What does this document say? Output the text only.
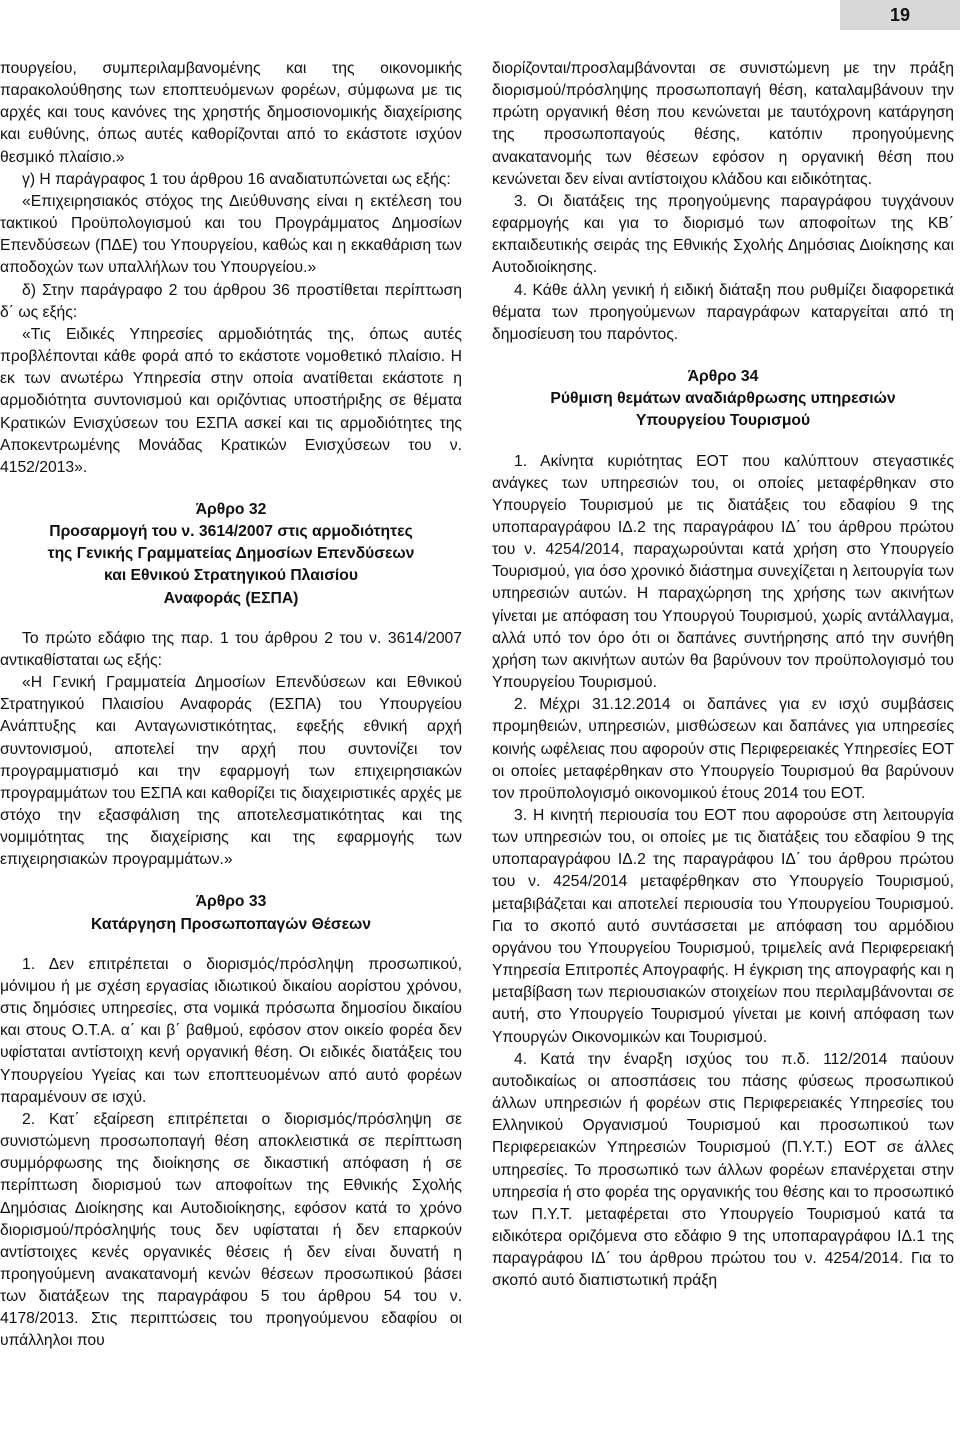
19

πουργείου, συμπεριλαμβανομένης και της οικονομικής παρακολούθησης των εποπτευόμενων φορέων, σύμφωνα με τις αρχές και τους κανόνες της χρηστής δημοσιονομικής διαχείρισης και ευθύνης, όπως αυτές καθορίζονται από το εκάστοτε ισχύον θεσμικό πλαίσιο.»

γ) Η παράγραφος 1 του άρθρου 16 αναδιατυπώνεται ως εξής:

«Επιχειρησιακός στόχος της Διεύθυνσης είναι η εκτέλεση του τακτικού Προϋπολογισμού και του Προγράμματος Δημοσίων Επενδύσεων (ΠΔΕ) του Υπουργείου, καθώς και η εκκαθάριση των αποδοχών των υπαλλήλων του Υπουργείου.»

δ) Στην παράγραφο 2 του άρθρου 36 προστίθεται περίπτωση δ΄ ως εξής:

«Τις Ειδικές Υπηρεσίες αρμοδιότητάς της, όπως αυτές προβλέπονται κάθε φορά από το εκάστοτε νομοθετικό πλαίσιο. Η εκ των ανωτέρω Υπηρεσία στην οποία ανατίθεται εκάστοτε η αρμοδιότητα συντονισμού και οριζόντιας υποστήριξης σε θέματα Κρατικών Ενισχύσεων του ΕΣΠΑ ασκεί και τις αρμοδιότητες της Αποκεντρωμένης Μονάδας Κρατικών Ενισχύσεων του ν. 4152/2013».

Άρθρο 32
Προσαρμογή του ν. 3614/2007 στις αρμοδιότητες
της Γενικής Γραμματείας Δημοσίων Επενδύσεων
και Εθνικού Στρατηγικού Πλαισίου
Αναφοράς (ΕΣΠΑ)

Το πρώτο εδάφιο της παρ. 1 του άρθρου 2 του ν. 3614/2007 αντικαθίσταται ως εξής:

«Η Γενική Γραμματεία Δημοσίων Επενδύσεων και Εθνικού Στρατηγικού Πλαισίου Αναφοράς (ΕΣΠΑ) του Υπουργείου Ανάπτυξης και Ανταγωνιστικότητας, εφεξής εθνική αρχή συντονισμού, αποτελεί την αρχή που συντονίζει τον προγραμματισμό και την εφαρμογή των επιχειρησιακών προγραμμάτων του ΕΣΠΑ και καθορίζει τις διαχειριστικές αρχές με στόχο την εξασφάλιση της αποτελεσματικότητας και της νομιμότητας της διαχείρισης και της εφαρμογής των επιχειρησιακών προγραμμάτων.»

Άρθρο 33
Κατάργηση Προσωποπαγών Θέσεων

1. Δεν επιτρέπεται ο διορισμός/πρόσληψη προσωπικού, μόνιμου ή με σχέση εργασίας ιδιωτικού δικαίου αορίστου χρόνου, στις δημόσιες υπηρεσίες, στα νομικά πρόσωπα δημοσίου δικαίου και στους Ο.Τ.Α. α΄ και β΄ βαθμού, εφόσον στον οικείο φορέα δεν υφίσταται αντίστοιχη κενή οργανική θέση. Οι ειδικές διατάξεις του Υπουργείου Υγείας και των εποπτευομένων από αυτό φορέων παραμένουν σε ισχύ.

2. Κατ΄ εξαίρεση επιτρέπεται ο διορισμός/πρόσληψη σε συνιστώμενη προσωποπαγή θέση αποκλειστικά σε περίπτωση συμμόρφωσης της διοίκησης σε δικαστική απόφαση ή σε περίπτωση διορισμού των αποφοίτων της Εθνικής Σχολής Δημόσιας Διοίκησης και Αυτοδιοίκησης, εφόσον κατά το χρόνο διορισμού/πρόσληψής τους δεν υφίσταται ή δεν επαρκούν αντίστοιχες κενές οργανικές θέσεις ή δεν είναι δυνατή η προηγούμενη ανακατανομή κενών θέσεων προσωπικού βάσει των διατάξεων της παραγράφου 5 του άρθρου 54 του ν. 4178/2013. Στις περιπτώσεις του προηγούμενου εδαφίου οι υπάλληλοι που

διορίζονται/προσλαμβάνονται σε συνιστώμενη με την πράξη διορισμού/πρόσληψης προσωποπαγή θέση, καταλαμβάνουν την πρώτη οργανική θέση που κενώνεται με ταυτόχρονη κατάργηση της προσωποπαγούς θέσης, κατόπιν προηγούμενης ανακατανομής των θέσεων εφόσον η οργανική θέση που κενώνεται δεν είναι αντίστοιχου κλάδου και ειδικότητας.

3. Οι διατάξεις της προηγούμενης παραγράφου τυγχάνουν εφαρμογής και για το διορισμό των αποφοίτων της ΚΒ΄ εκπαιδευτικής σειράς της Εθνικής Σχολής Δημόσιας Διοίκησης και Αυτοδιοίκησης.

4. Κάθε άλλη γενική ή ειδική διάταξη που ρυθμίζει διαφορετικά θέματα των προηγούμενων παραγράφων καταργείται από τη δημοσίευση του παρόντος.

Άρθρο 34
Ρύθμιση θεμάτων αναδιάρθρωσης υπηρεσιών
Υπουργείου Τουρισμού

1. Ακίνητα κυριότητας ΕΟΤ που καλύπτουν στεγαστικές ανάγκες των υπηρεσιών του, οι οποίες μεταφέρθηκαν στο Υπουργείο Τουρισμού με τις διατάξεις του εδαφίου 9 της υποπαραγράφου ΙΔ.2 της παραγράφου ΙΔ΄ του άρθρου πρώτου του ν. 4254/2014, παραχωρούνται κατά χρήση στο Υπουργείο Τουρισμού, για όσο χρονικό διάστημα συνεχίζεται η λειτουργία των υπηρεσιών αυτών. Η παραχώρηση της χρήσης των ακινήτων γίνεται με απόφαση του Υπουργού Τουρισμού, χωρίς αντάλλαγμα, αλλά υπό τον όρο ότι οι δαπάνες συντήρησης από την συνήθη χρήση των ακινήτων αυτών θα βαρύνουν τον προϋπολογισμό του Υπουργείου Τουρισμού.

2. Μέχρι 31.12.2014 οι δαπάνες για εν ισχύ συμβάσεις προμηθειών, υπηρεσιών, μισθώσεων και δαπάνες για υπηρεσίες κοινής ωφέλειας που αφορούν στις Περιφερειακές Υπηρεσίες ΕΟΤ οι οποίες μεταφέρθηκαν στο Υπουργείο Τουρισμού θα βαρύνουν τον προϋπολογισμό οικονομικού έτους 2014 του ΕΟΤ.

3. Η κινητή περιουσία του ΕΟΤ που αφορούσε στη λειτουργία των υπηρεσιών του, οι οποίες με τις διατάξεις του εδαφίου 9 της υποπαραγράφου ΙΔ.2 της παραγράφου ΙΔ΄ του άρθρου πρώτου του ν. 4254/2014 μεταφέρθηκαν στο Υπουργείο Τουρισμού, μεταβιβάζεται και αποτελεί περιουσία του Υπουργείου Τουρισμού. Για το σκοπό αυτό συντάσσεται με απόφαση του αρμόδιου οργάνου του Υπουργείου Τουρισμού, τριμελείς ανά Περιφερειακή Υπηρεσία Επιτροπές Απογραφής. Η έγκριση της απογραφής και η μεταβίβαση των περιουσιακών στοιχείων που περιλαμβάνονται σε αυτή, στο Υπουργείο Τουρισμού γίνεται με κοινή απόφαση των Υπουργών Οικονομικών και Τουρισμού.

4. Κατά την έναρξη ισχύος του π.δ. 112/2014 παύουν αυτοδικαίως οι αποσπάσεις του πάσης φύσεως προσωπικού άλλων υπηρεσιών ή φορέων στις Περιφερειακές Υπηρεσίες του Ελληνικού Οργανισμού Τουρισμού και προσωπικού των Περιφερειακών Υπηρεσιών Τουρισμού (Π.Υ.Τ.) ΕΟΤ σε άλλες υπηρεσίες. Το προσωπικό των άλλων φορέων επανέρχεται στην υπηρεσία ή στο φορέα της οργανικής του θέσης και το προσωπικό των Π.Υ.Τ. μεταφέρεται στο Υπουργείο Τουρισμού κατά τα ειδικότερα οριζόμενα στο εδάφιο 9 της υποπαραγράφου ΙΔ.1 της παραγράφου ΙΔ΄ του άρθρου πρώτου του ν. 4254/2014. Για το σκοπό αυτό διαπιστωτική πράξη
